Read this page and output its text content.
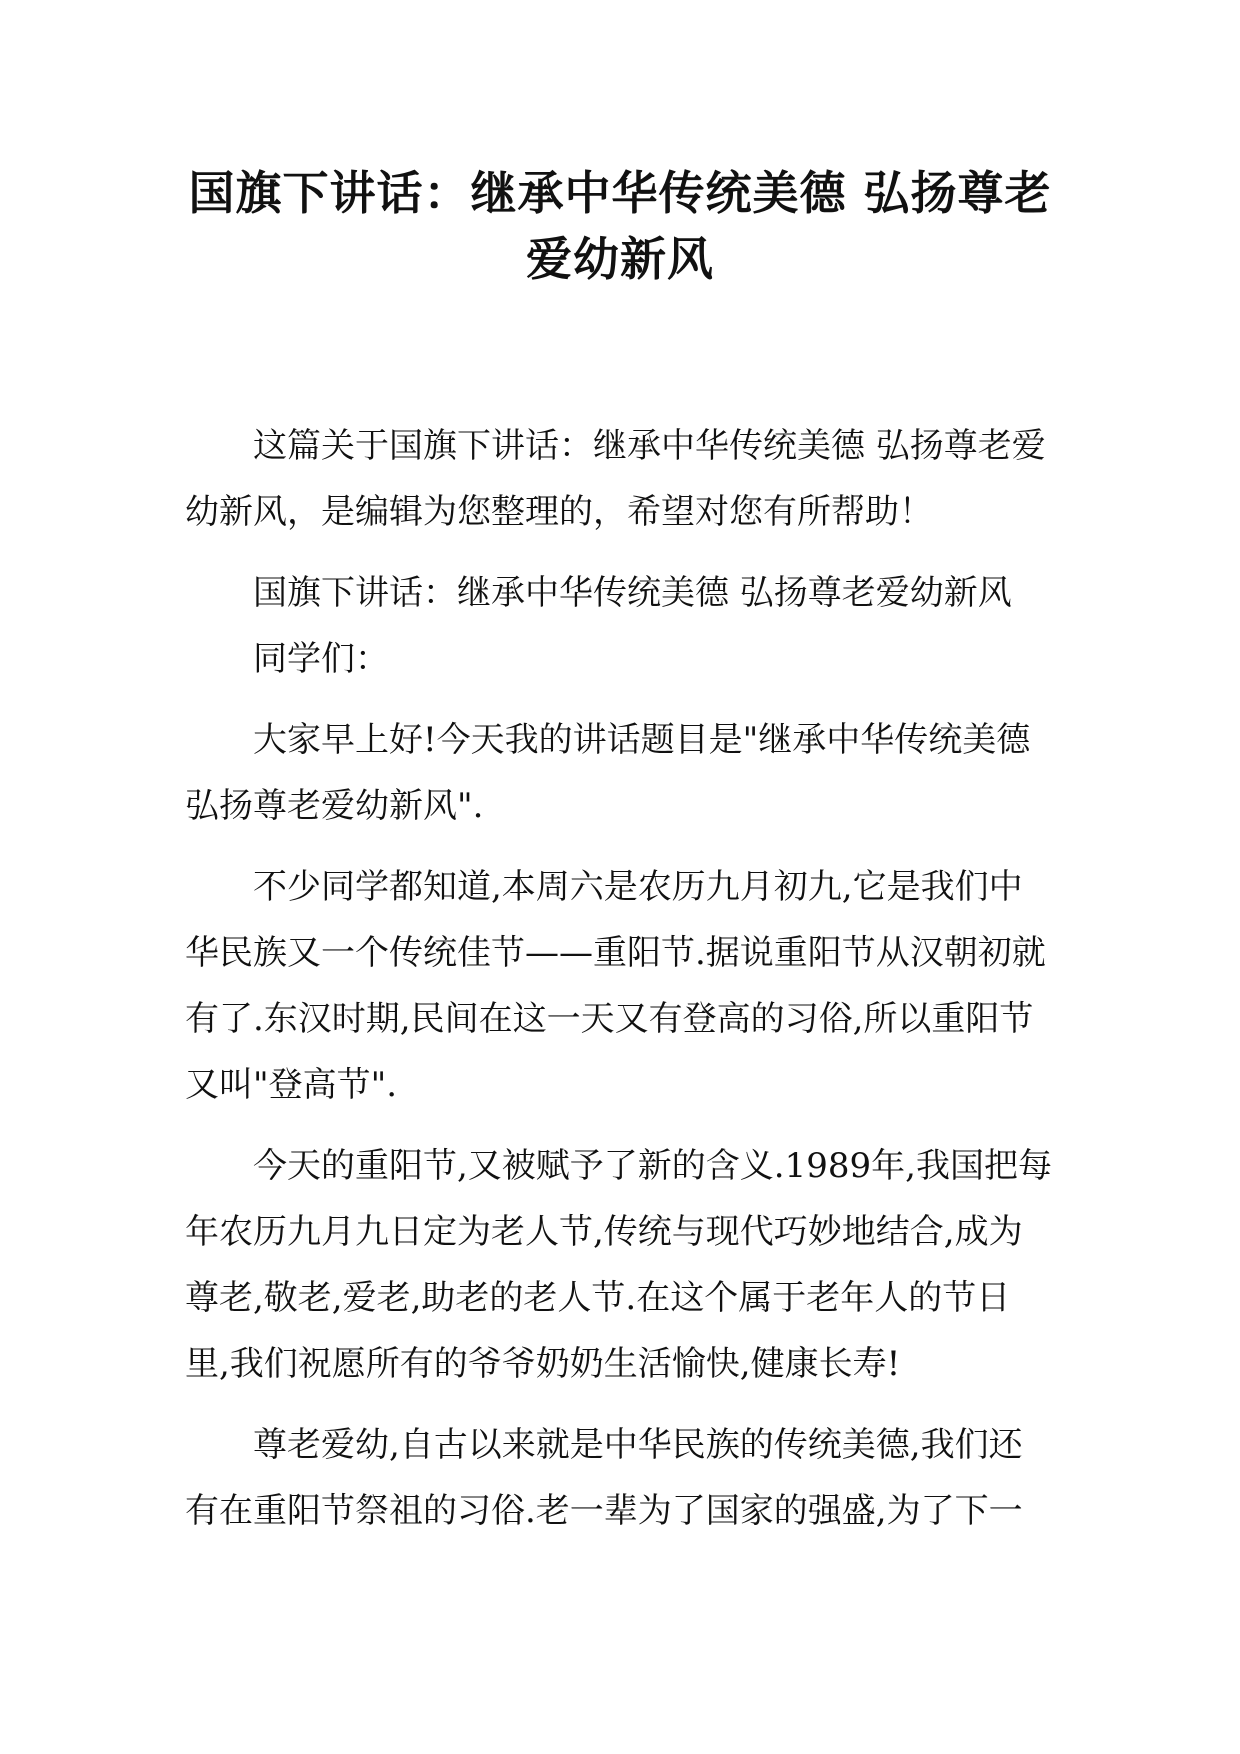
国旗下讲话：继承中华传统美德 弘扬尊老
爱幼新风

这篇关于国旗下讲话：继承中华传统美德 弘扬尊老爱幼新风，是编辑为您整理的，希望对您有所帮助！

国旗下讲话：继承中华传统美德 弘扬尊老爱幼新风

同学们：

大家早上好!今天我的讲话题目是"继承中华传统美德弘扬尊老爱幼新风".

不少同学都知道,本周六是农历九月初九,它是我们中华民族又一个传统佳节——重阳节.据说重阳节从汉朝初就有了.东汉时期,民间在这一天又有登高的习俗,所以重阳节又叫"登高节".

今天的重阳节,又被赋予了新的含义.1989年,我国把每年农历九月九日定为老人节,传统与现代巧妙地结合,成为尊老,敬老,爱老,助老的老人节.在这个属于老年人的节日里,我们祝愿所有的爷爷奶奶生活愉快,健康长寿!

尊老爱幼,自古以来就是中华民族的传统美德,我们还有在重阳节祭祖的习俗.老一辈为了国家的强盛,为了下一
